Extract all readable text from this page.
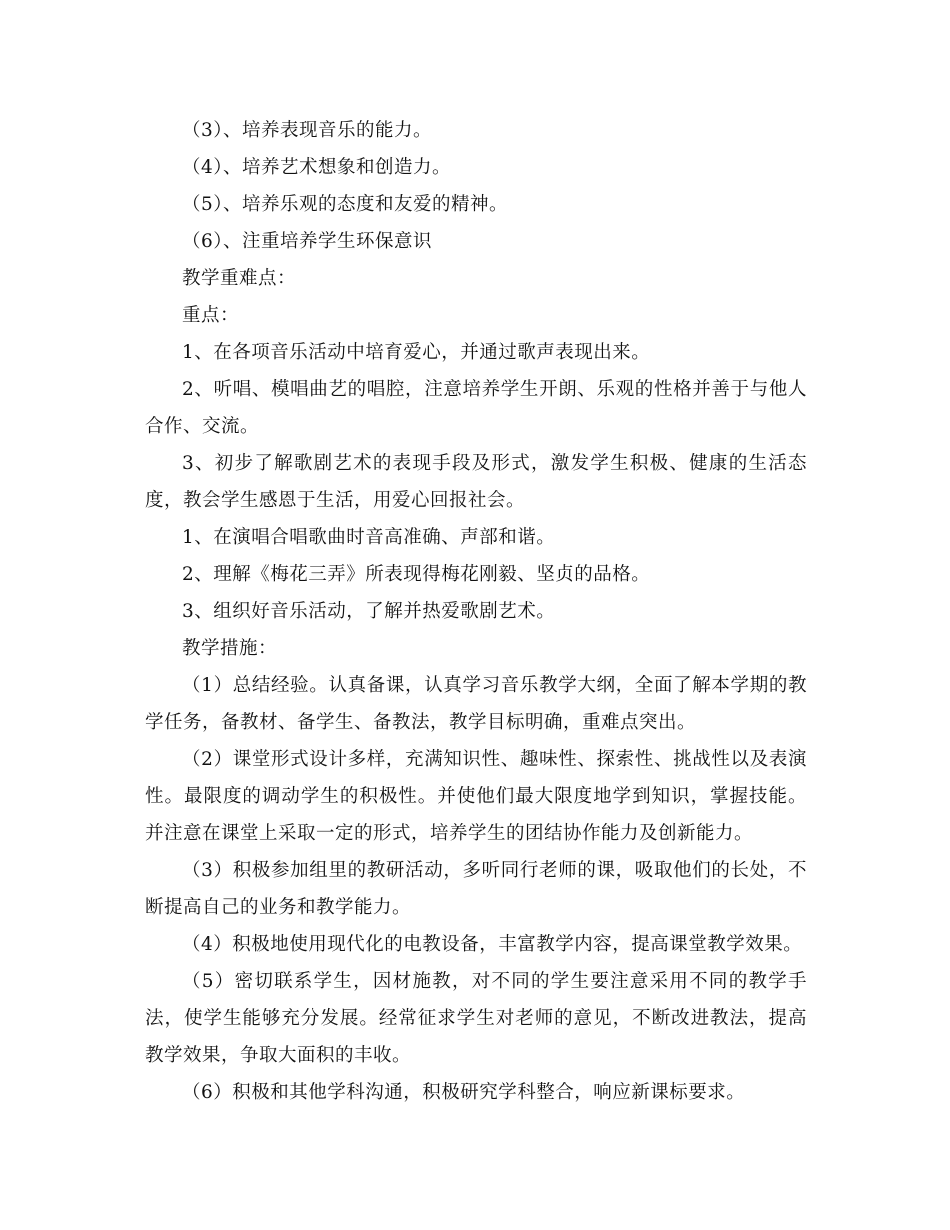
（3）、培养表现音乐的能力。

（4）、培养艺术想象和创造力。

（5）、培养乐观的态度和友爱的精神。

（6）、注重培养学生环保意识

教学重难点：

重点：

1、在各项音乐活动中培育爱心，并通过歌声表现出来。

2、听唱、模唱曲艺的唱腔，注意培养学生开朗、乐观的性格并善于与他人合作、交流。

3、初步了解歌剧艺术的表现手段及形式，激发学生积极、健康的生活态度，教会学生感恩于生活，用爱心回报社会。

1、在演唱合唱歌曲时音高准确、声部和谐。

2、理解《梅花三弄》所表现得梅花刚毅、坚贞的品格。

3、组织好音乐活动，了解并热爱歌剧艺术。

教学措施：

（1）总结经验。认真备课，认真学习音乐教学大纲，全面了解本学期的教学任务，备教材、备学生、备教法，教学目标明确，重难点突出。

（2）课堂形式设计多样，充满知识性、趣味性、探索性、挑战性以及表演性。最限度的调动学生的积极性。并使他们最大限度地学到知识，掌握技能。并注意在课堂上采取一定的形式，培养学生的团结协作能力及创新能力。

（3）积极参加组里的教研活动，多听同行老师的课，吸取他们的长处，不断提高自己的业务和教学能力。

（4）积极地使用现代化的电教设备，丰富教学内容，提高课堂教学效果。

（5）密切联系学生，因材施教，对不同的学生要注意采用不同的教学手法，使学生能够充分发展。经常征求学生对老师的意见，不断改进教法，提高教学效果，争取大面积的丰收。

（6）积极和其他学科沟通，积极研究学科整合，响应新课标要求。
